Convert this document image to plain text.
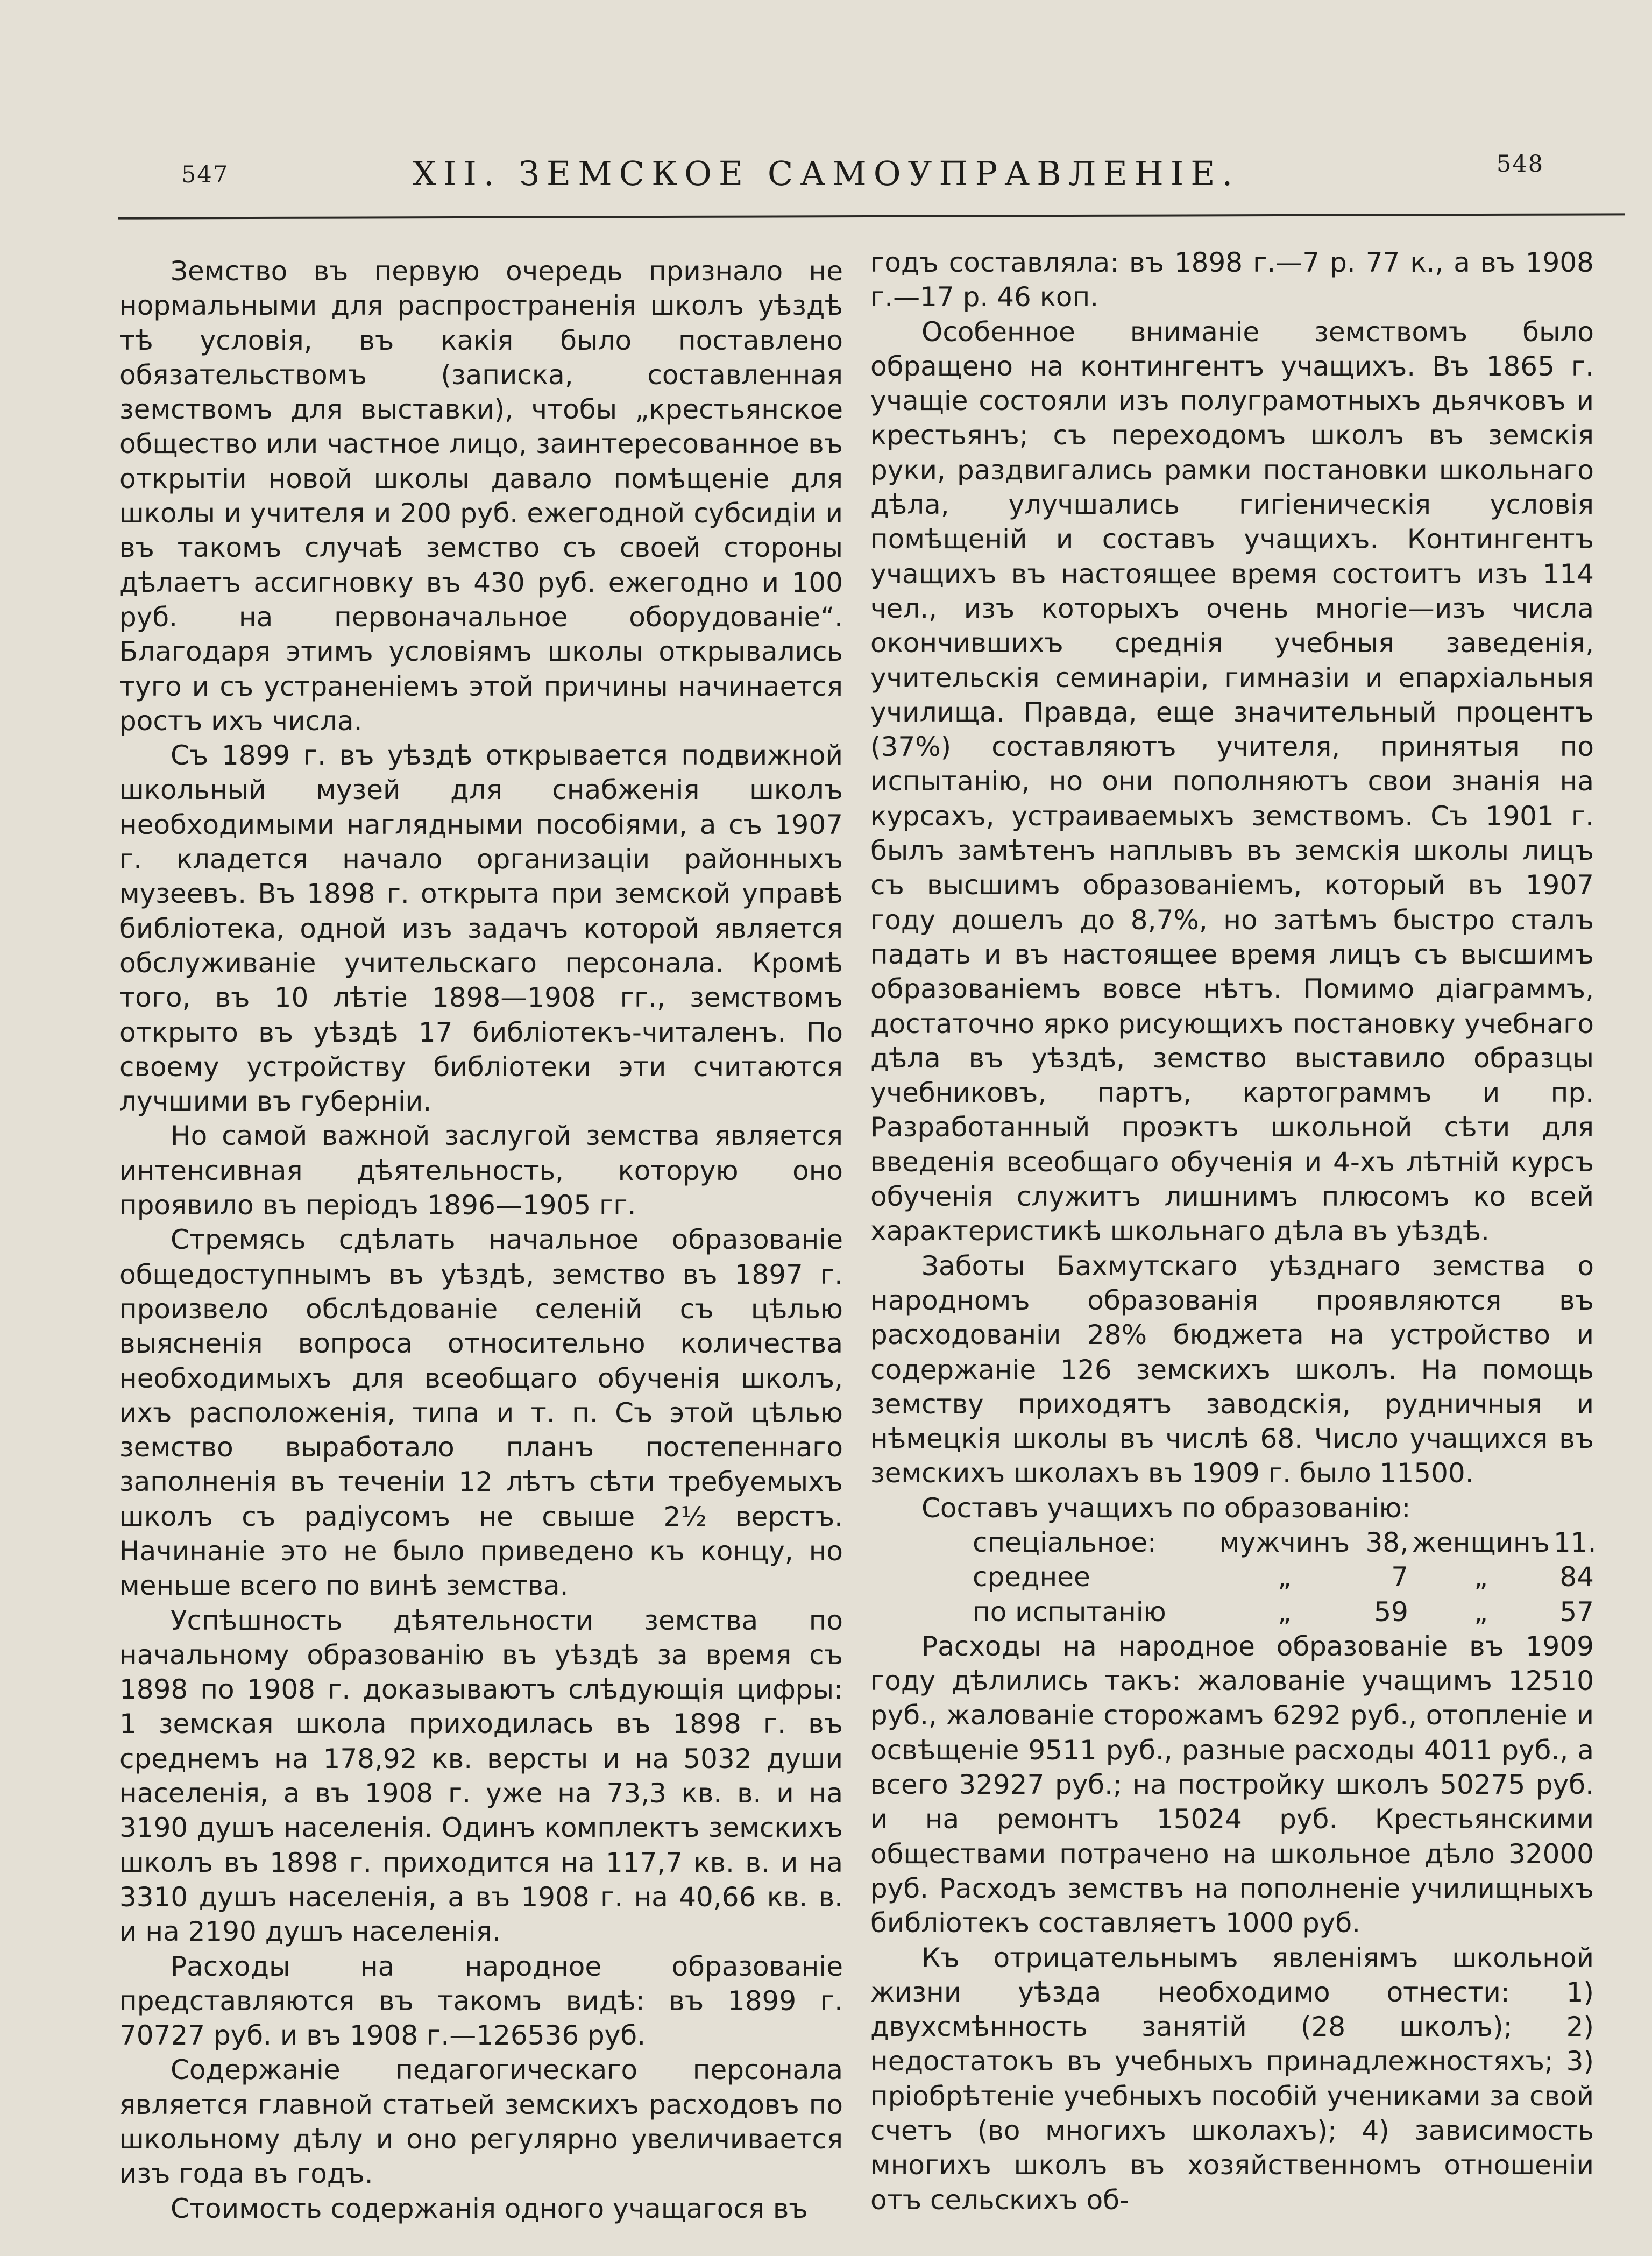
547	XII. ЗЕМСКОЕ САМОУПРАВЛЕНІЕ.	548

Земство въ первую очередь признало не нормальными для распространенія школъ уѣздѣ тѣ условія, въ какія было поставлено обязательствомъ (записка, составленная земствомъ для выставки), чтобы „крестьянское общество или частное лицо, заинтересованное въ открытіи новой школы давало помѣщеніе для школы и учителя и 200 руб. ежегодной субсидіи и въ такомъ случаѣ земство съ своей стороны дѣлаетъ ассигновку въ 430 руб. ежегодно и 100 руб. на первоначальное оборудованіе“. Благодаря этимъ условіямъ школы открывались туго и съ устраненіемъ этой причины начинается ростъ ихъ числа.

Съ 1899 г. въ уѣздѣ открывается подвижной школьный музей для снабженія школъ необходимыми наглядными пособіями, а съ 1907 г. кладется начало организаціи районныхъ музеевъ. Въ 1898 г. открыта при земской управѣ библіотека, одной изъ задачъ которой является обслуживаніе учительскаго персонала. Кромѣ того, въ 10 лѣтіе 1898—1908 гг., земствомъ открыто въ уѣздѣ 17 библіотекъ-читаленъ. По своему устройству библіотеки эти считаются лучшими въ губерніи.

Но самой важной заслугой земства является интенсивная дѣятельность, которую оно проявило въ періодъ 1896—1905 гг.

Стремясь сдѣлать начальное образованіе общедоступнымъ въ уѣздѣ, земство въ 1897 г. произвело обслѣдованіе селеній съ цѣлью выясненія вопроса относительно количества необходимыхъ для всеобщаго обученія школъ, ихъ расположенія, типа и т. п. Съ этой цѣлью земство выработало планъ постепеннаго заполненія въ теченіи 12 лѣтъ сѣти требуемыхъ школъ съ радіусомъ не свыше 2½ верстъ. Начинаніе это не было приведено къ концу, но меньше всего по винѣ земства.

Успѣшность дѣятельности земства по начальному образованію въ уѣздѣ за время съ 1898 по 1908 г. доказываютъ слѣдующія цифры: 1 земская школа приходилась въ 1898 г. въ среднемъ на 178,92 кв. версты и на 5032 души населенія, а въ 1908 г. уже на 73,3 кв. в. и на 3190 душъ населенія. Одинъ комплектъ земскихъ школъ въ 1898 г. приходится на 117,7 кв. в. и на 3310 душъ населенія, а въ 1908 г. на 40,66 кв. в. и на 2190 душъ населенія.

Расходы на народное образованіе представляются въ такомъ видѣ: въ 1899 г. 70727 руб. и въ 1908 г.—126536 руб.

Содержаніе педагогическаго персонала является главной статьей земскихъ расходовъ по школьному дѣлу и оно регулярно увеличивается изъ года въ годъ.

Стоимость содержанія одного учащагося въ

годъ составляла: въ 1898 г.—7 р. 77 к., а въ 1908 г.—17 р. 46 коп.

Особенное вниманіе земствомъ было обращено на контингентъ учащихъ. Въ 1865 г. учащіе состояли изъ полуграмотныхъ дьячковъ и крестьянъ; съ переходомъ школъ въ земскія руки, раздвигались рамки постановки школьнаго дѣла, улучшались гигіеническія условія помѣщеній и составъ учащихъ. Контингентъ учащихъ въ настоящее время состоитъ изъ 114 чел., изъ которыхъ очень многіе—изъ числа окончившихъ среднія учебныя заведенія, учительскія семинаріи, гимназіи и епархіальныя училища. Правда, еще значительный процентъ (37%) составляютъ учителя, принятыя по испытанію, но они пополняютъ свои знанія на курсахъ, устраиваемыхъ земствомъ. Съ 1901 г. былъ замѣтенъ наплывъ въ земскія школы лицъ съ высшимъ образованіемъ, который въ 1907 году дошелъ до 8,7%, но затѣмъ быстро сталъ падать и въ настоящее время лицъ съ высшимъ образованіемъ вовсе нѣтъ. Помимо діаграммъ, достаточно ярко рисующихъ постановку учебнаго дѣла въ уѣздѣ, земство выставило образцы учебниковъ, партъ, картограммъ и пр. Разработанный проэктъ школьной сѣти для введенія всеобщаго обученія и 4-хъ лѣтній курсъ обученія служитъ лишнимъ плюсомъ ко всей характеристикѣ школьнаго дѣла въ уѣздѣ.

Заботы Бахмутскаго уѣзднаго земства о народномъ образованія проявляются въ расходованіи 28% бюджета на устройство и содержаніе 126 земскихъ школъ. На помощь земству приходятъ заводскія, рудничныя и нѣмецкія школы въ числѣ 68. Число учащихся въ земскихъ школахъ въ 1909 г. было 11500.

Составъ учащихъ по образованію:
спеціальное:	мужчинъ 38, женщинъ 11.
среднее	„	7	„	84
по испытанію	„	59	„	57

Расходы на народное образованіе въ 1909 году дѣлились такъ: жалованіе учащимъ 12510 руб., жалованіе сторожамъ 6292 руб., отопленіе и освѣщеніе 9511 руб., разные расходы 4011 руб., а всего 32927 руб.; на постройку школъ 50275 руб. и на ремонтъ 15024 руб. Крестьянскими обществами потрачено на школьное дѣло 32000 руб. Расходъ земствъ на пополненіе училищныхъ библіотекъ составляетъ 1000 руб.

Къ отрицательнымъ явленіямъ школьной жизни уѣзда необходимо отнести: 1) двухсмѣнность занятій (28 школъ); 2) недостатокъ въ учебныхъ принадлежностяхъ; 3) пріобрѣтеніе учебныхъ пособій учениками за свой счетъ (во многихъ школахъ); 4) зависимость многихъ школъ въ хозяйственномъ отношеніи отъ сельскихъ об-
